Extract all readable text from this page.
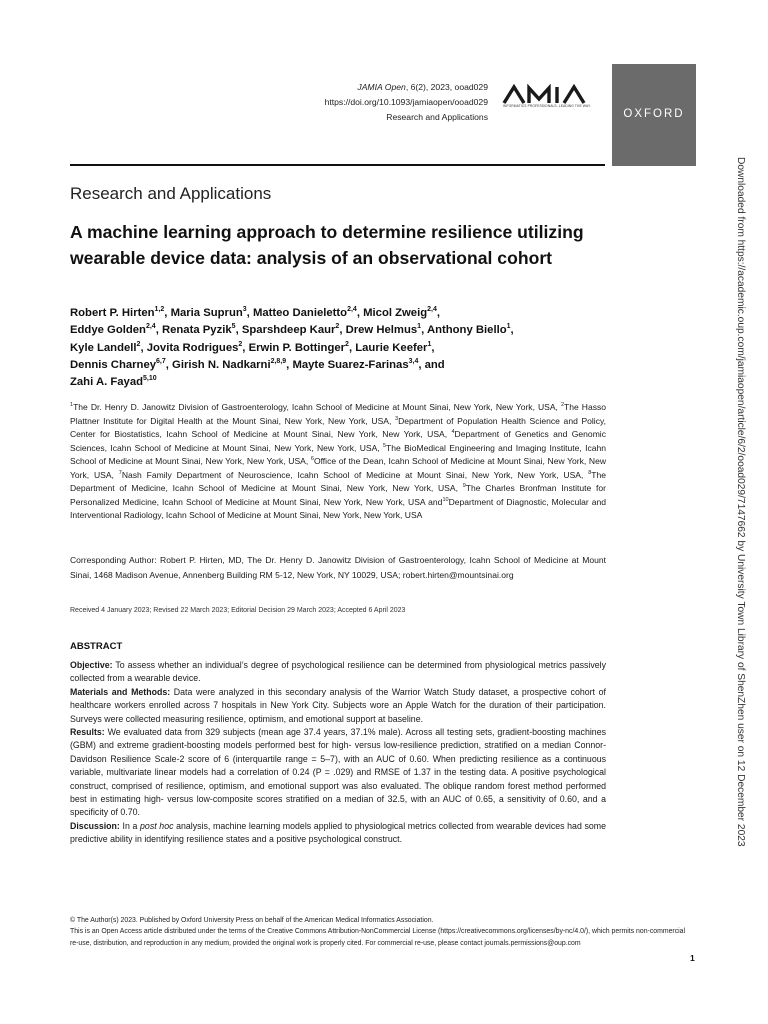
JAMIA Open, 6(2), 2023, ooad029
https://doi.org/10.1093/jamiaopen/ooad029
Research and Applications
INFORMATICS PROFESSIONALS. LEADING THE WAY.
OXFORD
Research and Applications
A machine learning approach to determine resilience utilizing wearable device data: analysis of an observational cohort
Robert P. Hirten$^{1,2}$, Maria Suprun$^3$, Matteo Danieletto$^{2,4}$, Micol Zweig$^{2,4}$,
Eddye Golden$^{2,4}$, Renata Pyzik$^5$, Sparshdeep Kaur$^2$, Drew Helmus$^1$, Anthony Biello$^1$,
Kyle Landell$^2$, Jovita Rodrigues$^2$, Erwin P. Bottinger$^2$, Laurie Keefer$^1$,
Dennis Charney$^{6,7}$, Girish N. Nadkarni$^{2,8,9}$, Mayte Suarez-Farinas$^{3,4}$, and
Zahi A. Fayad$^{5,10}$
$^1$The Dr. Henry D. Janowitz Division of Gastroenterology, Icahn School of Medicine at Mount Sinai, New York, New York, USA, $^2$The Hasso Plattner Institute for Digital Health at the Mount Sinai, New York, New York, USA, $^3$Department of Population Health Science and Policy, Center for Biostatistics, Icahn School of Medicine at Mount Sinai, New York, New York, USA, $^4$Department of Genetics and Genomic Sciences, Icahn School of Medicine at Mount Sinai, New York, New York, USA, $^5$The BioMedical Engineering and Imaging Institute, Icahn School of Medicine at Mount Sinai, New York, New York, USA, $^6$Office of the Dean, Icahn School of Medicine at Mount Sinai, New York, New York, USA, $^7$Nash Family Department of Neuroscience, Icahn School of Medicine at Mount Sinai, New York, New York, USA, $^8$The Department of Medicine, Icahn School of Medicine at Mount Sinai, New York, New York, USA, $^9$The Charles Bronfman Institute for Personalized Medicine, Icahn School of Medicine at Mount Sinai, New York, New York, USA and$^{10}$Department of Diagnostic, Molecular and Interventional Radiology, Icahn School of Medicine at Mount Sinai, New York, New York, USA
Corresponding Author: Robert P. Hirten, MD, The Dr. Henry D. Janowitz Division of Gastroenterology, Icahn School of Medicine at Mount Sinai, 1468 Madison Avenue, Annenberg Building RM 5-12, New York, NY 10029, USA; robert.hirten@mountsinai.org
Received 4 January 2023; Revised 22 March 2023; Editorial Decision 29 March 2023; Accepted 6 April 2023
ABSTRACT

Objective: To assess whether an individual’s degree of psychological resilience can be determined from physiological metrics passively collected from a wearable device.

Materials and Methods: Data were analyzed in this secondary analysis of the Warrior Watch Study dataset, a prospective cohort of healthcare workers enrolled across 7 hospitals in New York City. Subjects wore an Apple Watch for the duration of their participation. Surveys were collected measuring resilience, optimism, and emotional support at baseline.

Results: We evaluated data from 329 subjects (mean age 37.4 years, 37.1% male). Across all testing sets, gradient-boosting machines (GBM) and extreme gradient-boosting models performed best for high- versus low-resilience prediction, stratified on a median Connor-Davidson Resilience Scale-2 score of 6 (interquartile range = 5–7), with an AUC of 0.60. When predicting resilience as a continuous variable, multivariate linear models had a correlation of 0.24 (P = .029) and RMSE of 1.37 in the testing data. A positive psychological construct, comprised of resilience, optimism, and emotional support was also evaluated. The oblique random forest method performed best in estimating high- versus low-composite scores stratified on a median of 32.5, with an AUC of 0.65, a sensitivity of 0.60, and a specificity of 0.70.

Discussion: In a post hoc analysis, machine learning models applied to physiological metrics collected from wearable devices had some predictive ability in identifying resilience states and a positive psychological construct.

© The Author(s) 2023. Published by Oxford University Press on behalf of the American Medical Informatics Association.

This is an Open Access article distributed under the terms of the Creative Commons Attribution-NonCommercial License (https://creativecommons.org/licenses/by-nc/4.0/), which permits non-commercial re-use, distribution, and reproduction in any medium, provided the original work is properly cited. For commercial re-use, please contact journals.permissions@oup.com

1
Downloaded from https://academic.oup.com/jamiaopen/article/6/2/ooad029/7147662 by University Town Library of ShenZhen user on 12 December 2023
